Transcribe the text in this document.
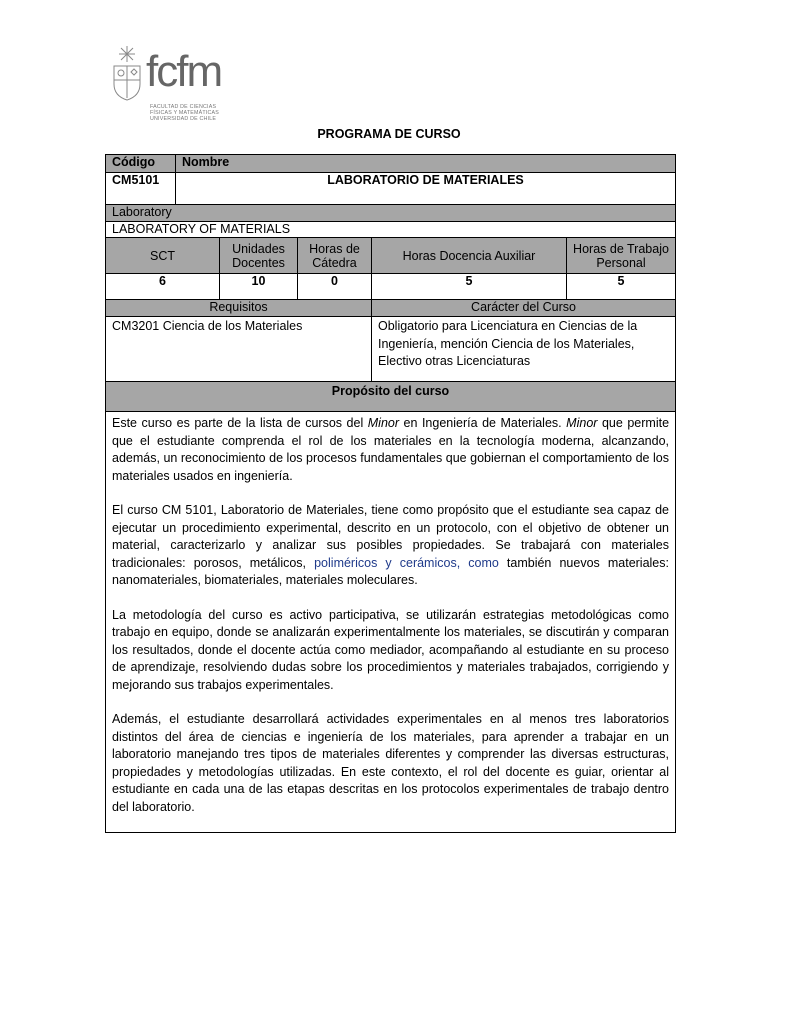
fcfm
FACULTAD DE CIENCIAS
FÍSICAS Y MATEMÁTICAS
UNIVERSIDAD DE CHILE
PROGRAMA DE CURSO
Código	Nombre				
CM5101	LABORATORIO DE MATERIALES				
Laboratory					
LABORATORY OF MATERIALS					
SCT		Unidades Docentes	Horas de Cátedra	Horas Docencia Auxiliar	Horas de Trabajo Personal
6		10	0	5	5
Requisitos				Carácter del Curso	
CM3201 Ciencia de los Materiales				Obligatorio para Licenciatura en Ciencias de la Ingeniería, mención Ciencia de los Materiales, Electivo otras Licenciaturas	
Propósito del curso					

Este curso es parte de la lista de cursos del Minor en Ingeniería de Materiales. Minor que permite que el estudiante comprenda el rol de los materiales en la tecnología moderna, alcanzando, además, un reconocimiento de los procesos fundamentales que gobiernan el comportamiento de los materiales usados en ingeniería.

El curso CM 5101, Laboratorio de Materiales, tiene como propósito que el estudiante sea capaz de ejecutar un procedimiento experimental, descrito en un protocolo, con el objetivo de obtener un material, caracterizarlo y analizar sus posibles propiedades. Se trabajará con materiales tradicionales: porosos, metálicos, poliméricos y cerámicos, como también nuevos materiales: nanomateriales, biomateriales, materiales moleculares.

La metodología del curso es activo participativa, se utilizarán estrategias metodológicas como trabajo en equipo, donde se analizarán experimentalmente los materiales, se discutirán y comparan los resultados, donde el docente actúa como mediador, acompañando al estudiante en su proceso de aprendizaje, resolviendo dudas sobre los procedimientos y materiales trabajados, corrigiendo y mejorando sus trabajos experimentales.

Además, el estudiante desarrollará actividades experimentales en al menos tres laboratorios distintos del área de ciencias e ingeniería de los materiales, para aprender a trabajar en un laboratorio manejando tres tipos de materiales diferentes y comprender las diversas estructuras, propiedades y metodologías utilizadas. En este contexto, el rol del docente es guiar, orientar al estudiante en cada una de las etapas descritas en los protocolos experimentales de trabajo dentro del laboratorio.					
